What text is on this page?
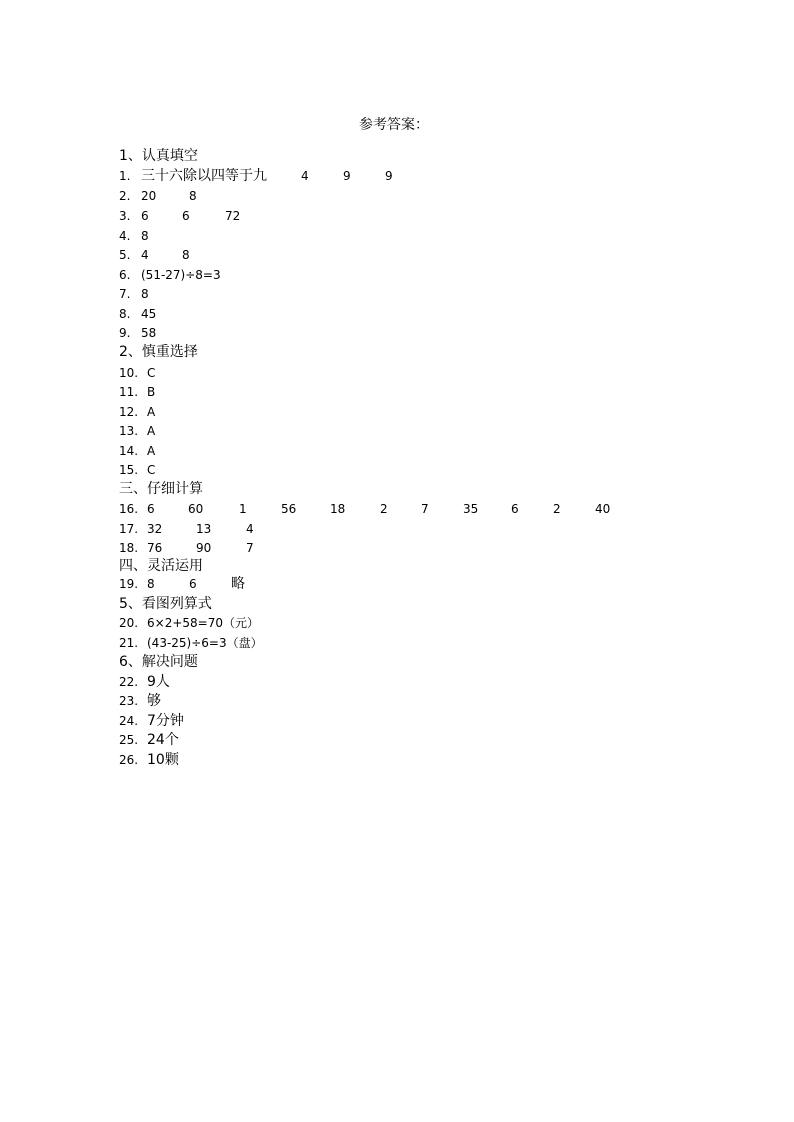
参考答案：
1、认真填空
1. 三十六除以四等于九	4	9	9
2. 20	8
3. 6	6	72
4. 8
5. 4	8
6. (51-27)÷8=3
7. 8
8. 45
9. 58
2、慎重选择
10. C
11. B
12. A
13. A
14. A
15. C
三、仔细计算
16. 6	60	1	56	18	2	7	35	6	2	40
17. 32	13	4
18. 76	90	7
四、灵活运用
19. 8	6 略
5、看图列算式
20. 6×2+58=70（元）
21. (43-25)÷6=3（盘）
6、解决问题
22. 9人
23. 够
24. 7分钟
25. 24个
26. 10颗
